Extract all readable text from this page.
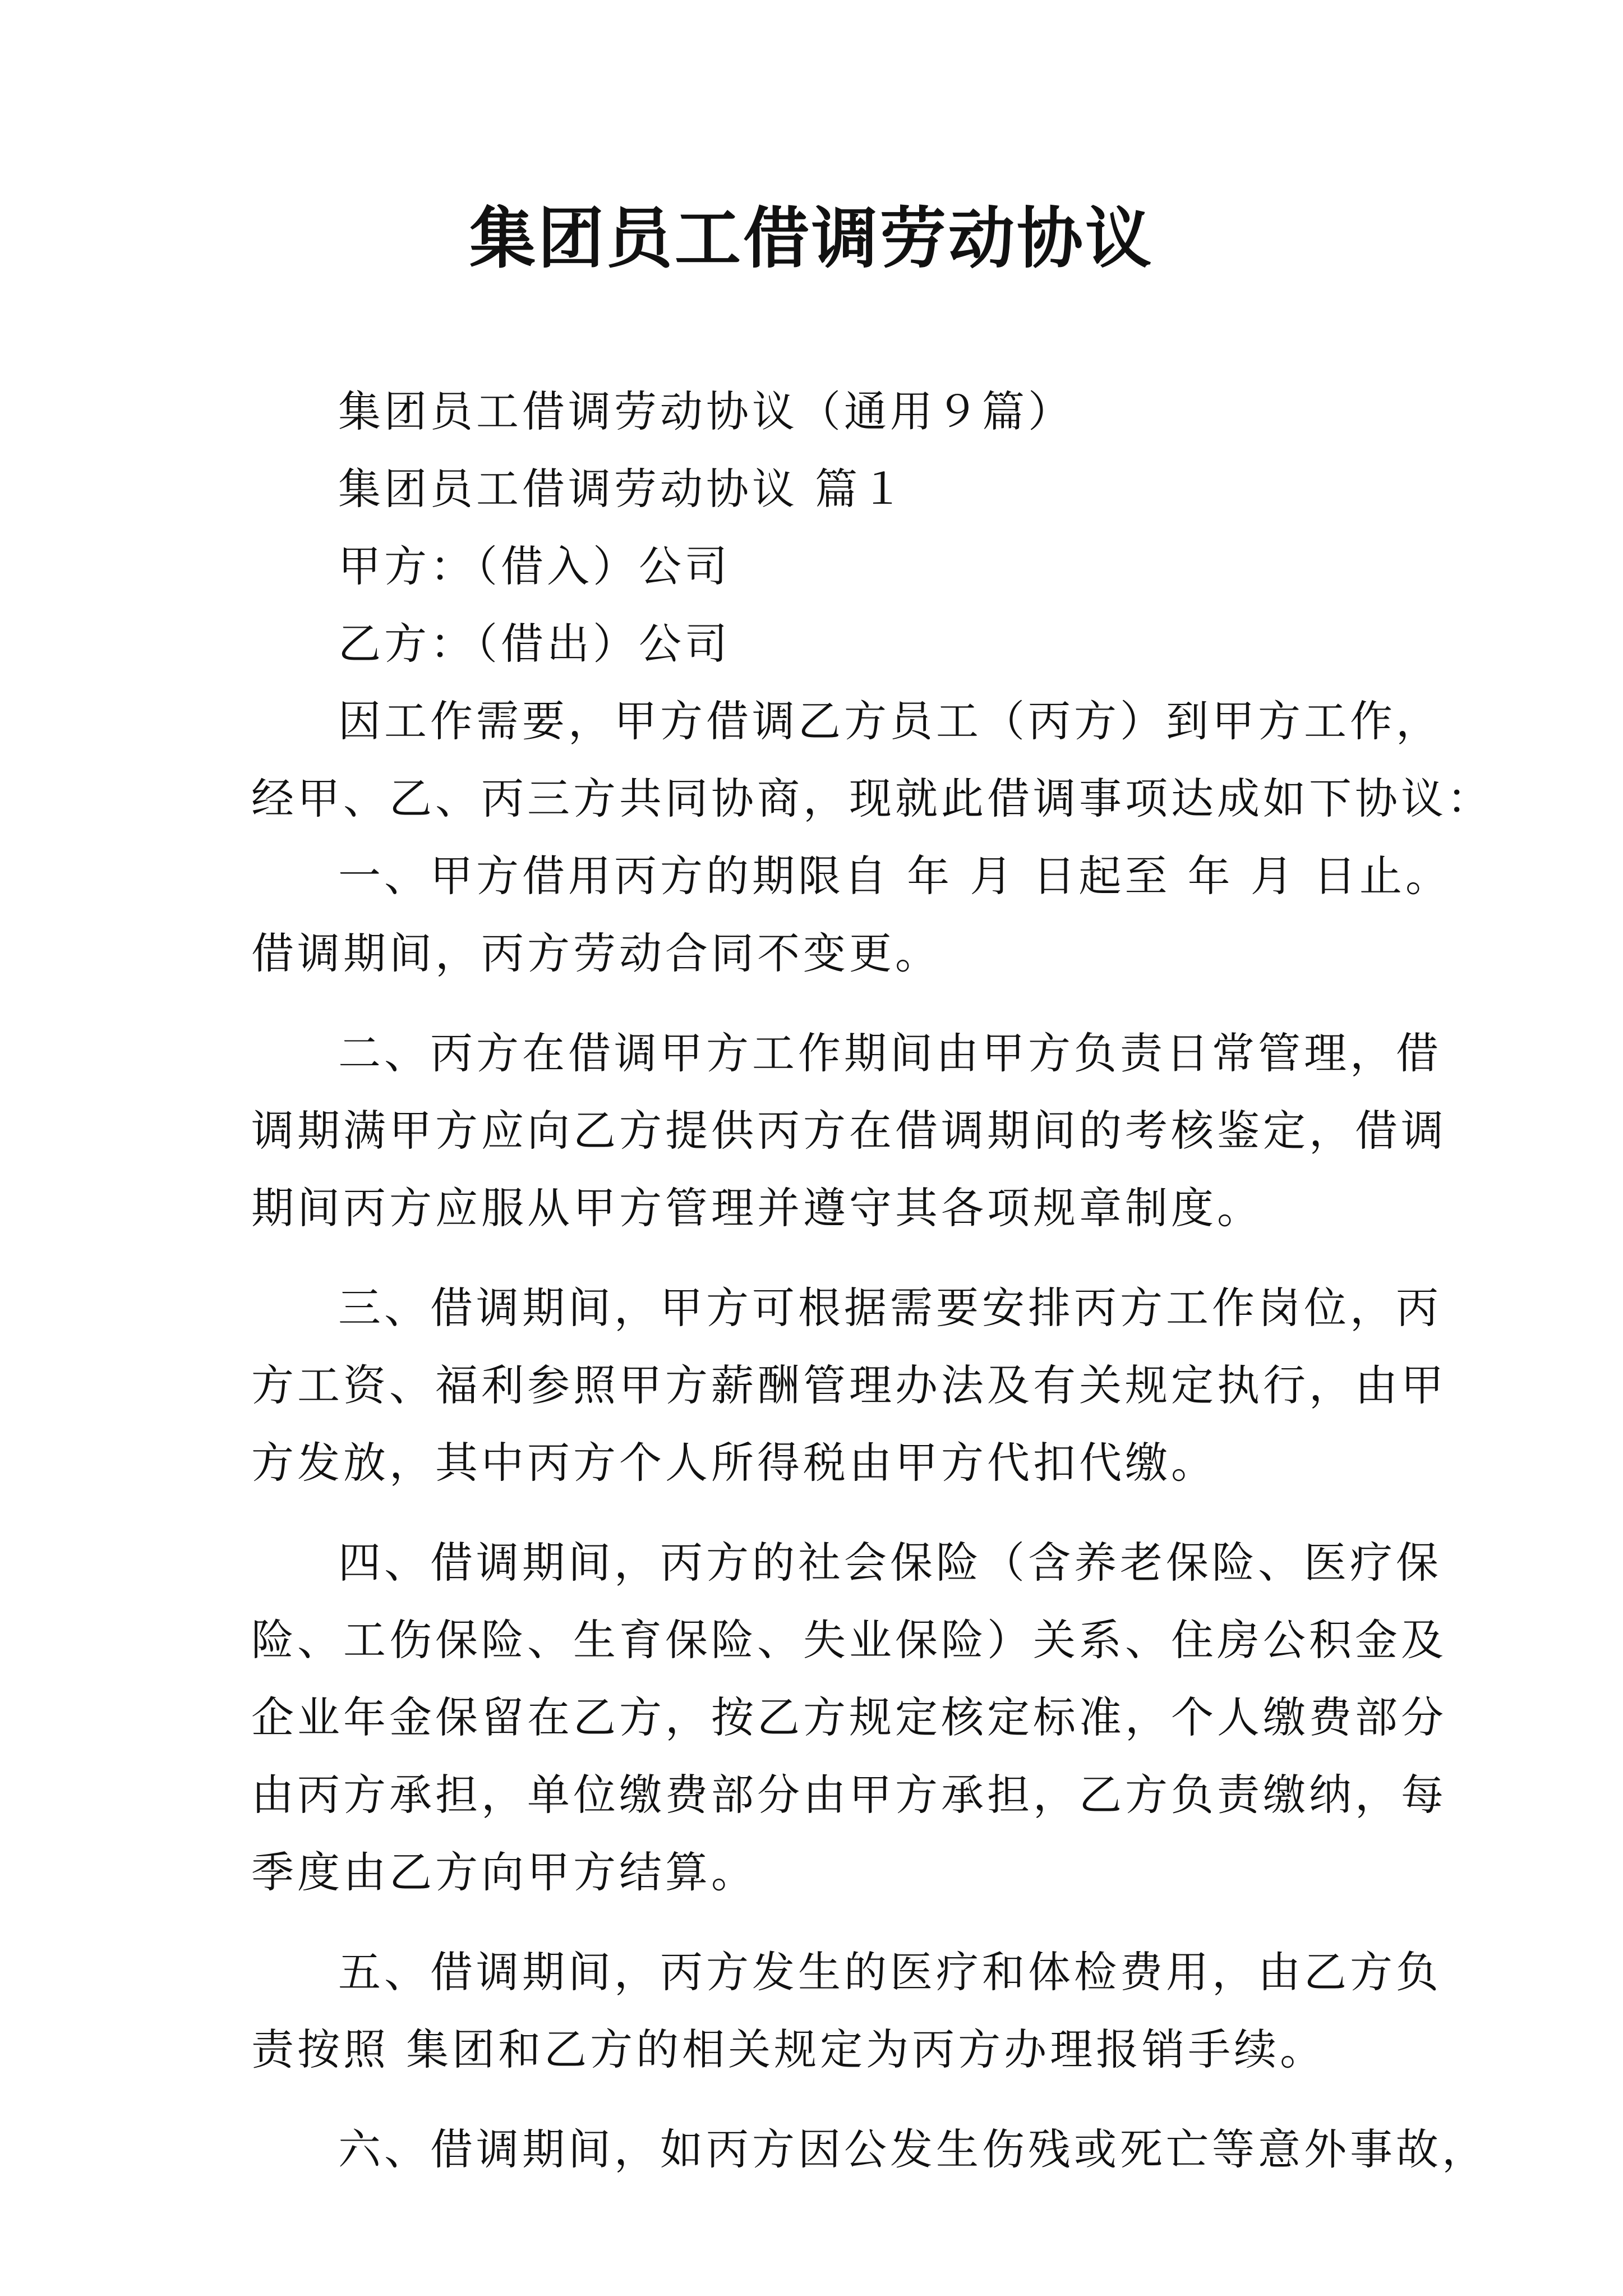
集团员工借调劳动协议
集团员工借调劳动协议（通用９篇）
集团员工借调劳动协议 篇１
甲方：（借入）公司
乙方：（借出）公司
因工作需要，甲方借调乙方员工（丙方）到甲方工作，
经甲、乙、丙三方共同协商，现就此借调事项达成如下协议：
一、甲方借用丙方的期限自 年 月 日起至 年 月 日止。
借调期间，丙方劳动合同不变更。
二、丙方在借调甲方工作期间由甲方负责日常管理，借
调期满甲方应向乙方提供丙方在借调期间的考核鉴定，借调
期间丙方应服从甲方管理并遵守其各项规章制度。
三、借调期间，甲方可根据需要安排丙方工作岗位，丙
方工资、福利参照甲方薪酬管理办法及有关规定执行，由甲
方发放，其中丙方个人所得税由甲方代扣代缴。
四、借调期间，丙方的社会保险（含养老保险、医疗保
险、工伤保险、生育保险、失业保险）关系、住房公积金及
企业年金保留在乙方，按乙方规定核定标准，个人缴费部分
由丙方承担，单位缴费部分由甲方承担，乙方负责缴纳，每
季度由乙方向甲方结算。
五、借调期间，丙方发生的医疗和体检费用，由乙方负
责按照 集团和乙方的相关规定为丙方办理报销手续。
六、借调期间，如丙方因公发生伤残或死亡等意外事故，
